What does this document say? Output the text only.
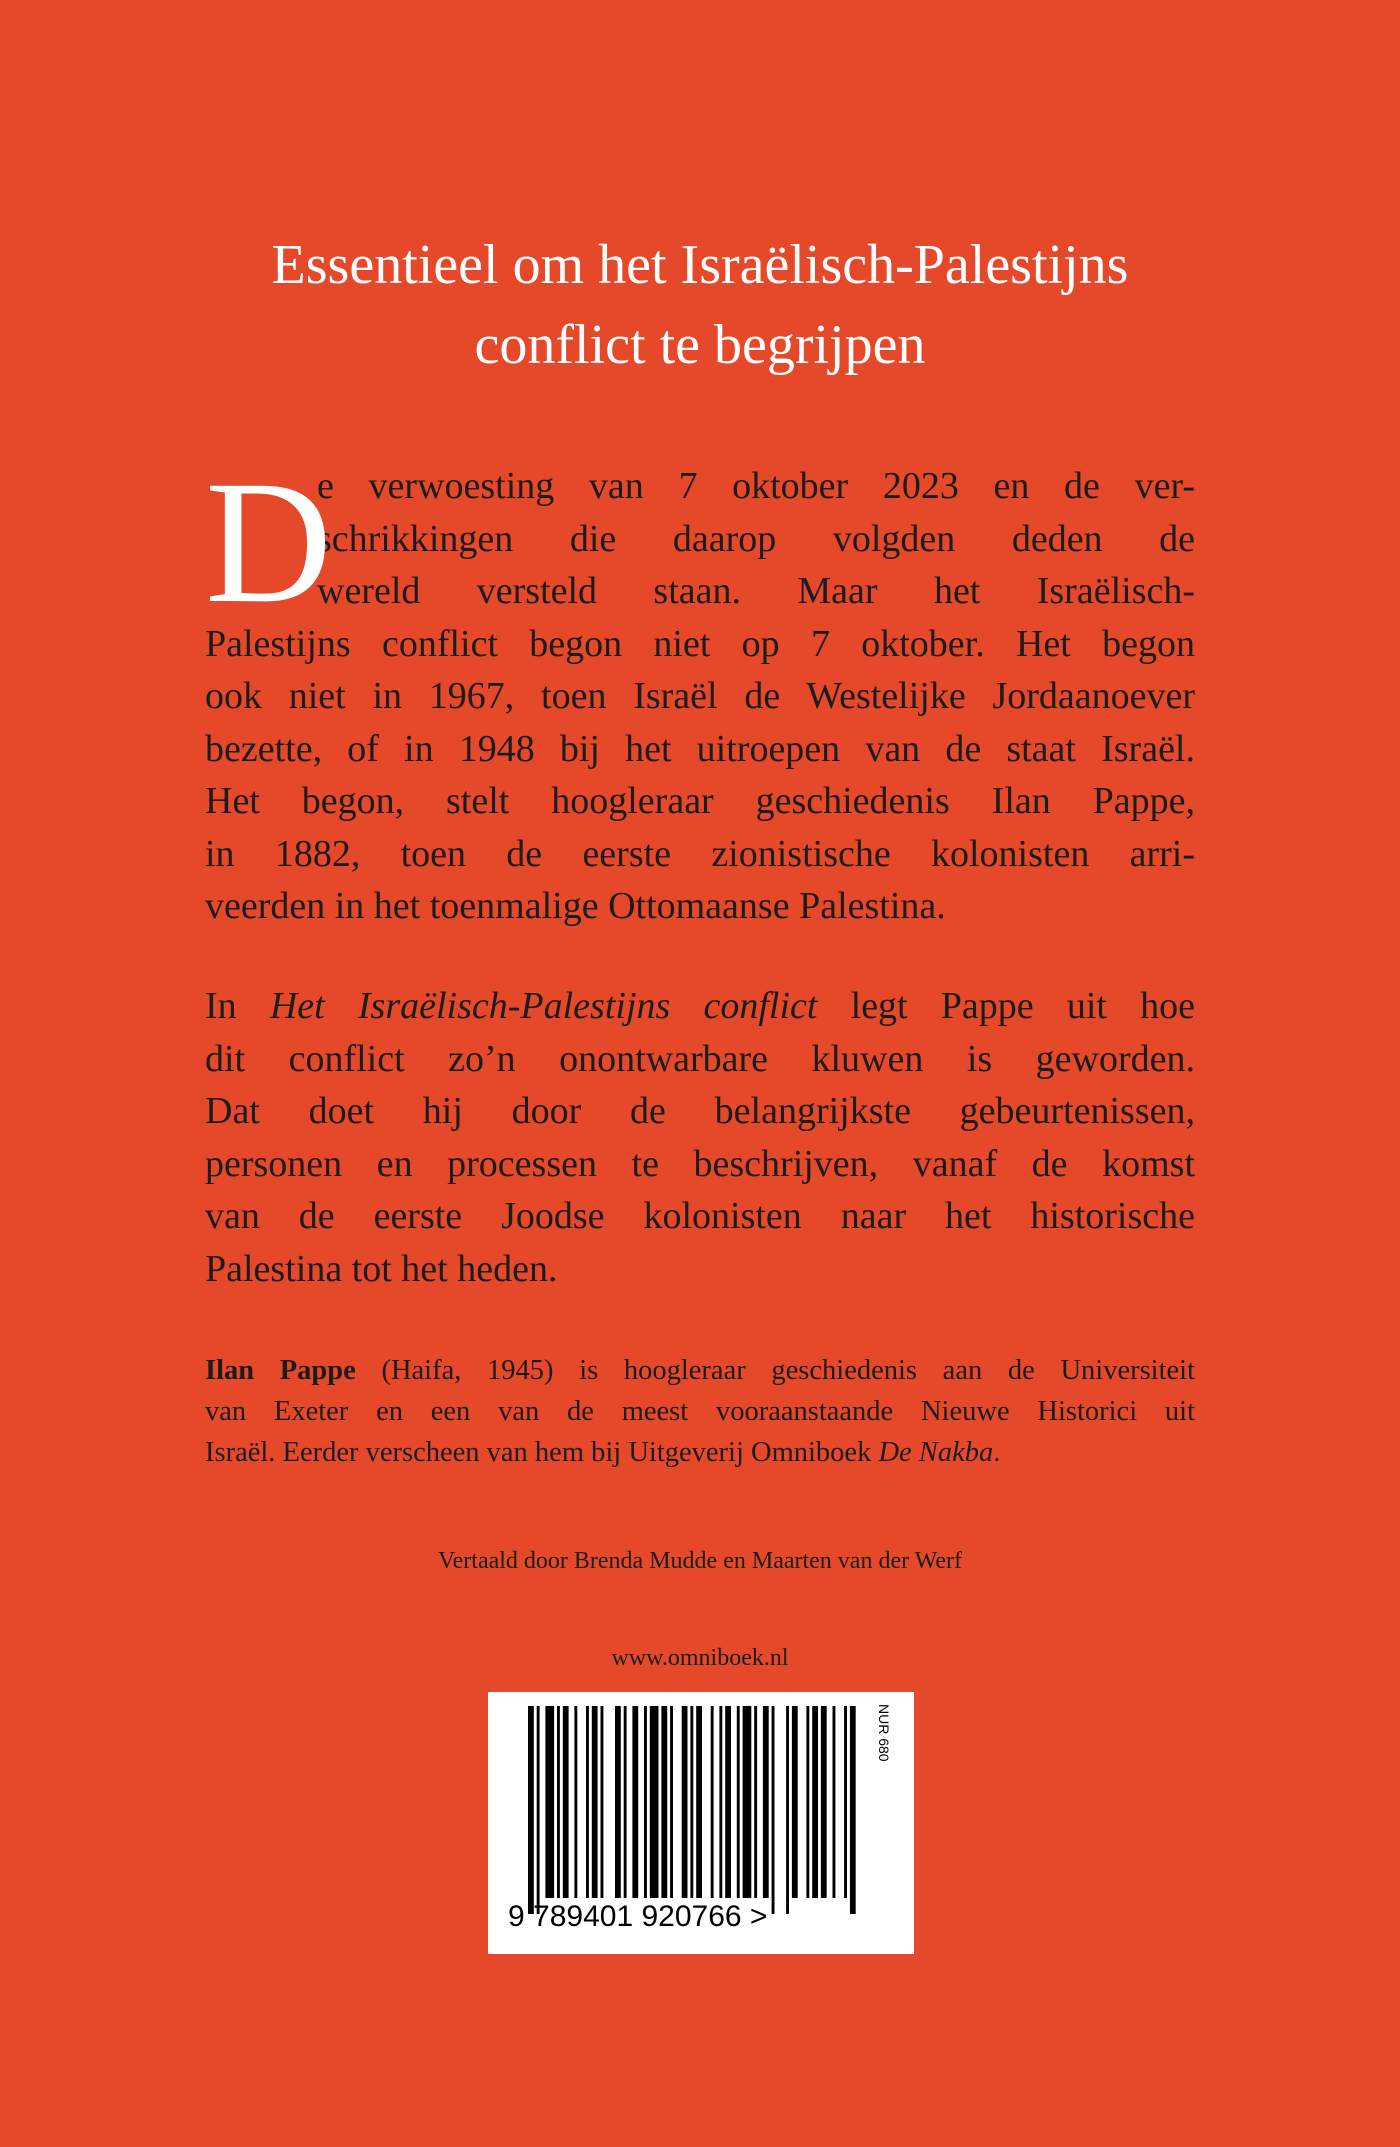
Essentieel om het Israëlisch-Palestijns
conflict te begrijpen
D
e verwoesting van 7 oktober 2023 en de ver-
schrikkingen die daarop volgden deden de
wereld versteld staan. Maar het Israëlisch-
Palestijns conflict begon niet op 7 oktober. Het begon
ook niet in 1967, toen Israël de Westelijke Jordaanoever
bezette, of in 1948 bij het uitroepen van de staat Israël.
Het begon, stelt hoogleraar geschiedenis Ilan Pappe,
in 1882, toen de eerste zionistische kolonisten arri-
veerden in het toenmalige Ottomaanse Palestina.
In Het Israëlisch-Palestijns conflict legt Pappe uit hoe
dit conflict zo’n onontwarbare kluwen is geworden.
Dat doet hij door de belangrijkste gebeurtenissen,
personen en processen te beschrijven, vanaf de komst
van de eerste Joodse kolonisten naar het historische
Palestina tot het heden.
Ilan Pappe (Haifa, 1945) is hoogleraar geschiedenis aan de Universiteit
van Exeter en een van de meest vooraanstaande Nieuwe Historici uit
Israël. Eerder verscheen van hem bij Uitgeverij Omniboek De Nakba.
Vertaald door Brenda Mudde en Maarten van der Werf
www.omniboek.nl
9 789401 920766 >
NUR 680
